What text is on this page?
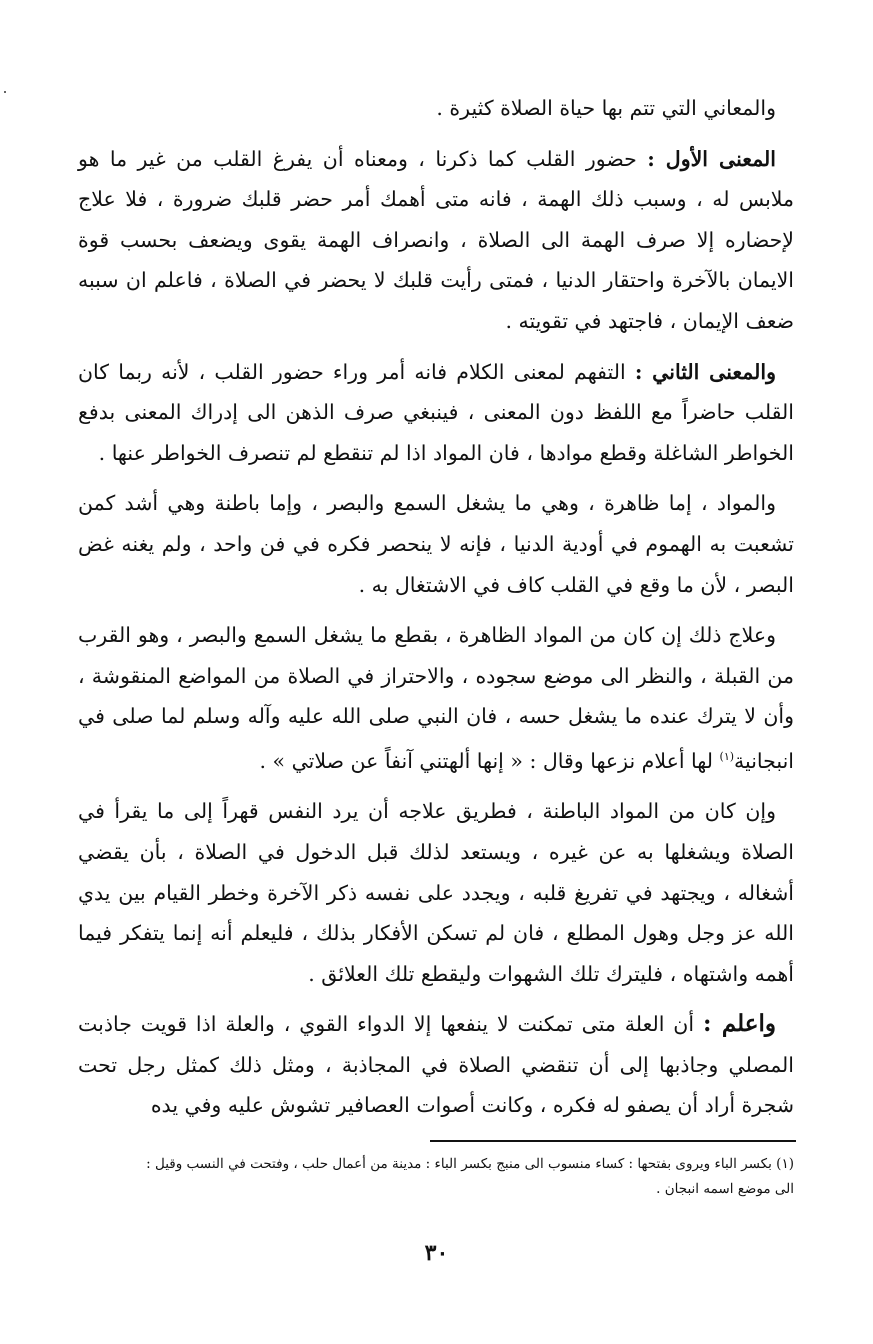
والمعاني التي تتم بها حياة الصلاة كثيرة .

المعنى الأول : حضور القلب كما ذكرنا ، ومعناه أن يفرغ القلب من غير ما هو ملابس له ، وسبب ذلك الهمة ، فانه متى أهمك أمر حضر قلبك ضرورة ، فلا علاج لإحضاره إلا صرف الهمة الى الصلاة ، وانصراف الهمة يقوى ويضعف بحسب قوة الايمان بالآخرة واحتقار الدنيا ، فمتى رأيت قلبك لا يحضر في الصلاة ، فاعلم ان سببه ضعف الإيمان ، فاجتهد في تقويته .

والمعنى الثاني : التفهم لمعنى الكلام فانه أمر وراء حضور القلب ، لأنه ربما كان القلب حاضراً مع اللفظ دون المعنى ، فينبغي صرف الذهن الى إدراك المعنى بدفع الخواطر الشاغلة وقطع موادها ، فان المواد اذا لم تنقطع لم تنصرف الخواطر عنها .

والمواد ، إما ظاهرة ، وهي ما يشغل السمع والبصر ، وإما باطنة وهي أشد كمن تشعبت به الهموم في أودية الدنيا ، فإنه لا ينحصر فكره في فن واحد ، ولم يغنه غض البصر ، لأن ما وقع في القلب كاف في الاشتغال به .

وعلاج ذلك إن كان من المواد الظاهرة ، بقطع ما يشغل السمع والبصر ، وهو القرب من القبلة ، والنظر الى موضع سجوده ، والاحتراز في الصلاة من المواضع المنقوشة ، وأن لا يترك عنده ما يشغل حسه ، فان النبي صلى الله عليه وآله وسلم لما صلى في انبجانية$^{(١)}$ لها أعلام نزعها وقال : « إنها ألهتني آنفاً عن صلاتي » .

وإن كان من المواد الباطنة ، فطريق علاجه أن يرد النفس قهراً إلى ما يقرأ في الصلاة ويشغلها به عن غيره ، ويستعد لذلك قبل الدخول في الصلاة ، بأن يقضي أشغاله ، ويجتهد في تفريغ قلبه ، ويجدد على نفسه ذكر الآخرة وخطر القيام بين يدي الله عز وجل وهول المطلع ، فان لم تسكن الأفكار بذلك ، فليعلم أنه إنما يتفكر فيما أهمه واشتهاه ، فليترك تلك الشهوات وليقطع تلك العلائق .

واعلم : أن العلة متى تمكنت لا ينفعها إلا الدواء القوي ، والعلة اذا قويت جاذبت المصلي وجاذبها إلى أن تنقضي الصلاة في المجاذبة ، ومثل ذلك كمثل رجل تحت شجرة أراد أن يصفو له فكره ، وكانت أصوات العصافير تشوش عليه وفي يده

(١) بكسر الباء ويروى بفتحها : كساء منسوب الى منبج بكسر الباء : مدينة من أعمال حلب ، وفتحت في النسب وقيل :

الى موضع اسمه انبجان .

٣٠
